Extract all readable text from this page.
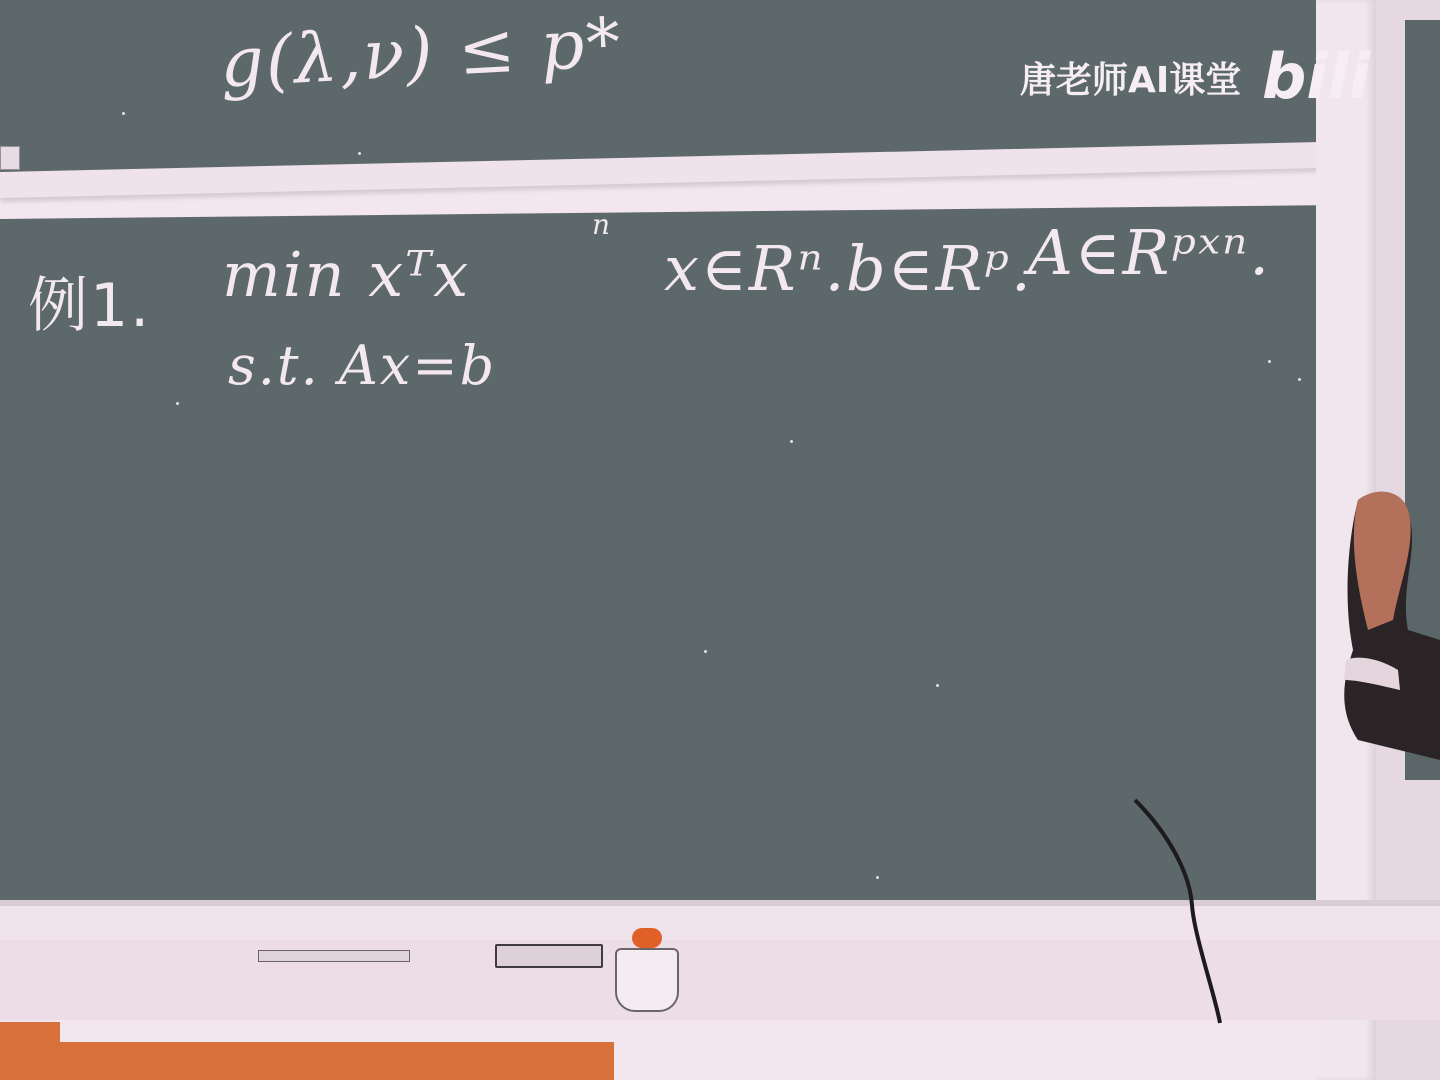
g(λ,ν) ≤ p*
例1. min xᵀx
s.t. Ax=b
n
x∈Rⁿ. b∈Rᵖ.
A∈Rᵖˣⁿ.
唐老师AI课堂 bili
